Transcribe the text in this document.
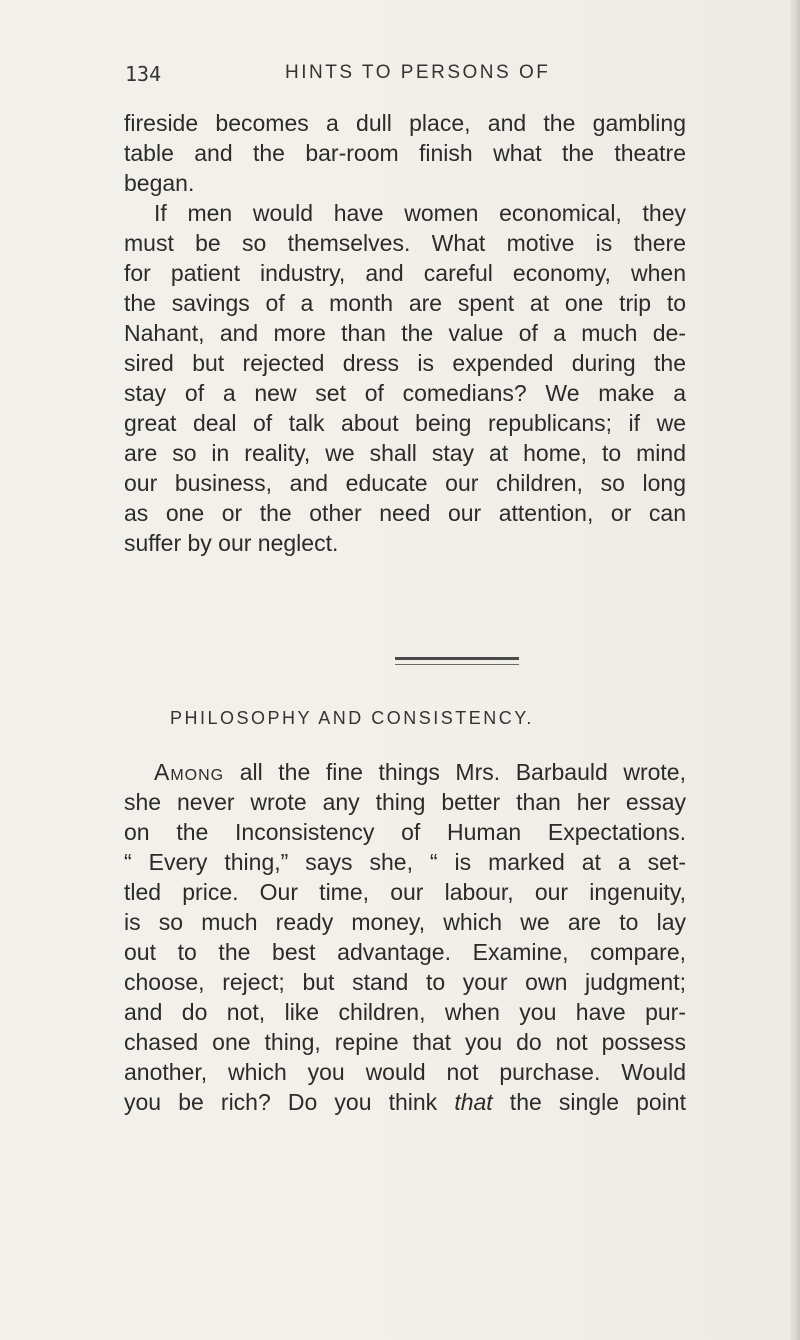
134	HINTS TO PERSONS OF
fireside becomes a dull place, and the gambling
table and the bar-room finish what the theatre
began.
If men would have women economical, they
must be so themselves. What motive is there
for patient industry, and careful economy, when
the savings of a month are spent at one trip to
Nahant, and more than the value of a much de-
sired but rejected dress is expended during the
stay of a new set of comedians? We make a
great deal of talk about being republicans; if we
are so in reality, we shall stay at home, to mind
our business, and educate our children, so long
as one or the other need our attention, or can
suffer by our neglect.
PHILOSOPHY AND CONSISTENCY.
Among all the fine things Mrs. Barbauld wrote,
she never wrote any thing better than her essay
on the Inconsistency of Human Expectations.
“ Every thing,” says she, “ is marked at a set-
tled price. Our time, our labour, our ingenuity,
is so much ready money, which we are to lay
out to the best advantage. Examine, compare,
choose, reject; but stand to your own judgment;
and do not, like children, when you have pur-
chased one thing, repine that you do not possess
another, which you would not purchase. Would
you be rich? Do you think that the single point
